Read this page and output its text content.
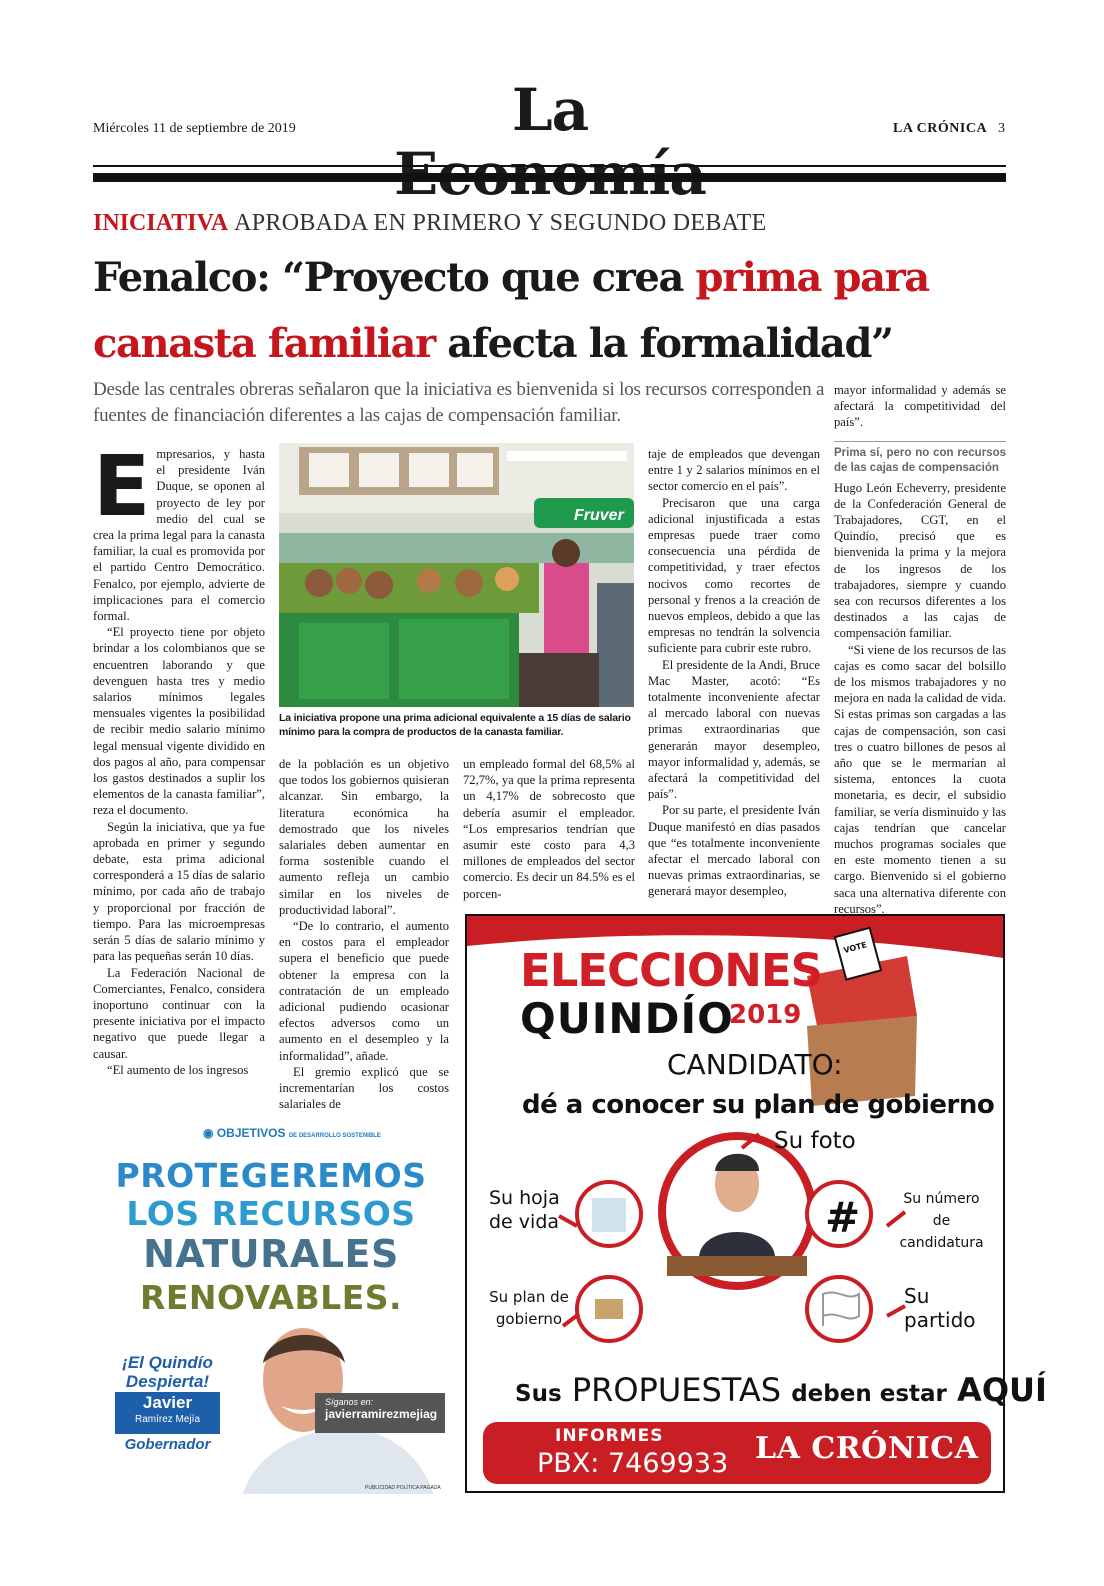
Miércoles 11 de septiembre de 2019	La	LA CRÓNICA 3
INICIATIVA APROBADA EN PRIMERO Y SEGUNDO DEBATE
Fenalco: “Proyecto que crea prima para canasta familiar afecta la formalidad”
Desde las centrales obreras señalaron que la iniciativa es bienvenida si los recursos corresponden a fuentes de financiación diferentes a las cajas de compensación familiar.
E mpresarios, y hasta el presidente Iván Duque, se oponen al proyecto de ley por medio del cual se crea la prima legal para la canasta familiar, la cual es promovida por el partido Centro Democrático. Fenalco, por ejemplo, advierte de implicaciones para el comercio formal.

“El proyecto tiene por objeto brindar a los colombianos que se encuentren laborando y que devenguen hasta tres y medio salarios mínimos legales mensuales vigentes la posibilidad de recibir medio salario mínimo legal mensual vigente dividido en dos pagos al año, para compensar los gastos destinados a suplir los elementos de la canasta familiar”, reza el documento.

Según la iniciativa, que ya fue aprobada en primer y segundo debate, esta prima adicional corresponderá a 15 días de salario mínimo, por cada año de trabajo y proporcional por fracción de tiempo. Para las microempresas serán 5 días de salario mínimo y para las pequeñas serán 10 días.

La Federación Nacional de Comerciantes, Fenalco, considera inoportuno continuar con la presente iniciativa por el impacto negativo que puede llegar a causar.

“El aumento de los ingresos

Fruver
La iniciativa propone una prima adicional equivalente a 15 días de salario mínimo para la compra de productos de la canasta familiar.

de la población es un objetivo que todos los gobiernos quisieran alcanzar. Sin embargo, la literatura económica ha demostrado que los niveles salariales deben aumentar en forma sostenible cuando el aumento refleja un cambio similar en los niveles de productividad laboral”.

“De lo contrario, el aumento en costos para el empleador supera el beneficio que puede obtener la empresa con la contratación de un empleado adicional pudiendo ocasionar efectos adversos como un aumento en el desempleo y la informalidad”, añade.

El gremio explicó que se incrementarían los costos salariales de

un empleado formal del 68,5% al 72,7%, ya que la prima representa un 4,17% de sobrecosto que debería asumir el empleador. “Los empresarios tendrían que asumir este costo para 4,3 millones de empleados del sector comercio. Es decir un 84.5% es el porcen-

taje de empleados que devengan entre 1 y 2 salarios mínimos en el sector comercio en el país”.

Precisaron que una carga adicional injustificada a estas empresas puede traer como consecuencia una pérdida de competitividad, y traer efectos nocivos como recortes de personal y frenos a la creación de nuevos empleos, debido a que las empresas no tendrán la solvencia suficiente para cubrir este rubro.

El presidente de la Andi, Bruce Mac Master, acotó: “Es totalmente inconveniente afectar al mercado laboral con nuevas primas extraordinarias que generarán mayor desempleo, mayor informalidad y, además, se afectará la competitividad del país”.

Por su parte, el presidente Iván Duque manifestó en días pasados que “es totalmente inconveniente afectar el mercado laboral con nuevas primas extraordinarias, se generará mayor desempleo,

mayor informalidad y además se afectará la competitividad del país”.

Prima sí, pero no con recursos de las cajas de compensación

Hugo León Echeverry, presidente de la Confederación General de Trabajadores, CGT, en el Quindío, precisó que es bienvenida la prima y la mejora de los ingresos de los trabajadores, siempre y cuando sea con recursos diferentes a los destinados a las cajas de compensación familiar.

“Si viene de los recursos de las cajas es como sacar del bolsillo de los mismos trabajadores y no mejora en nada la calidad de vida. Si estas primas son cargadas a las cajas de compensación, son casi tres o cuatro billones de pesos al año que se le mermarían al sistema, entonces la cuota monetaria, es decir, el subsidio familiar, se vería disminuido y las cajas tendrían que cancelar muchos programas sociales que en este momento tienen a su cargo. Bienvenido si el gobierno saca una alternativa diferente con recursos”.

◉ OBJETIVOS DE DESARROLLO SOSTENIBLE
PROTEGEREMOS
LOS RECURSOS
NATURALES
RENOVABLES.
¡El Quindío Despierta!
Javier
Ramírez Mejía
Gobernador
Síganos en:
javierramirezmejiag
PUBLICIDAD POLÍTICA PAGADA
VOTE
#
ELECCIONES
QUINDÍO
2019
CANDIDATO:
dé a conocer su plan de gobierno
Su foto
Su hoja de vida
Su número de candidatura
Su plan de gobierno
Su partido
Sus PROPUESTAS deben estar AQUÍ
INFORMES
PBX: 7469933 LA CRÓNICA
